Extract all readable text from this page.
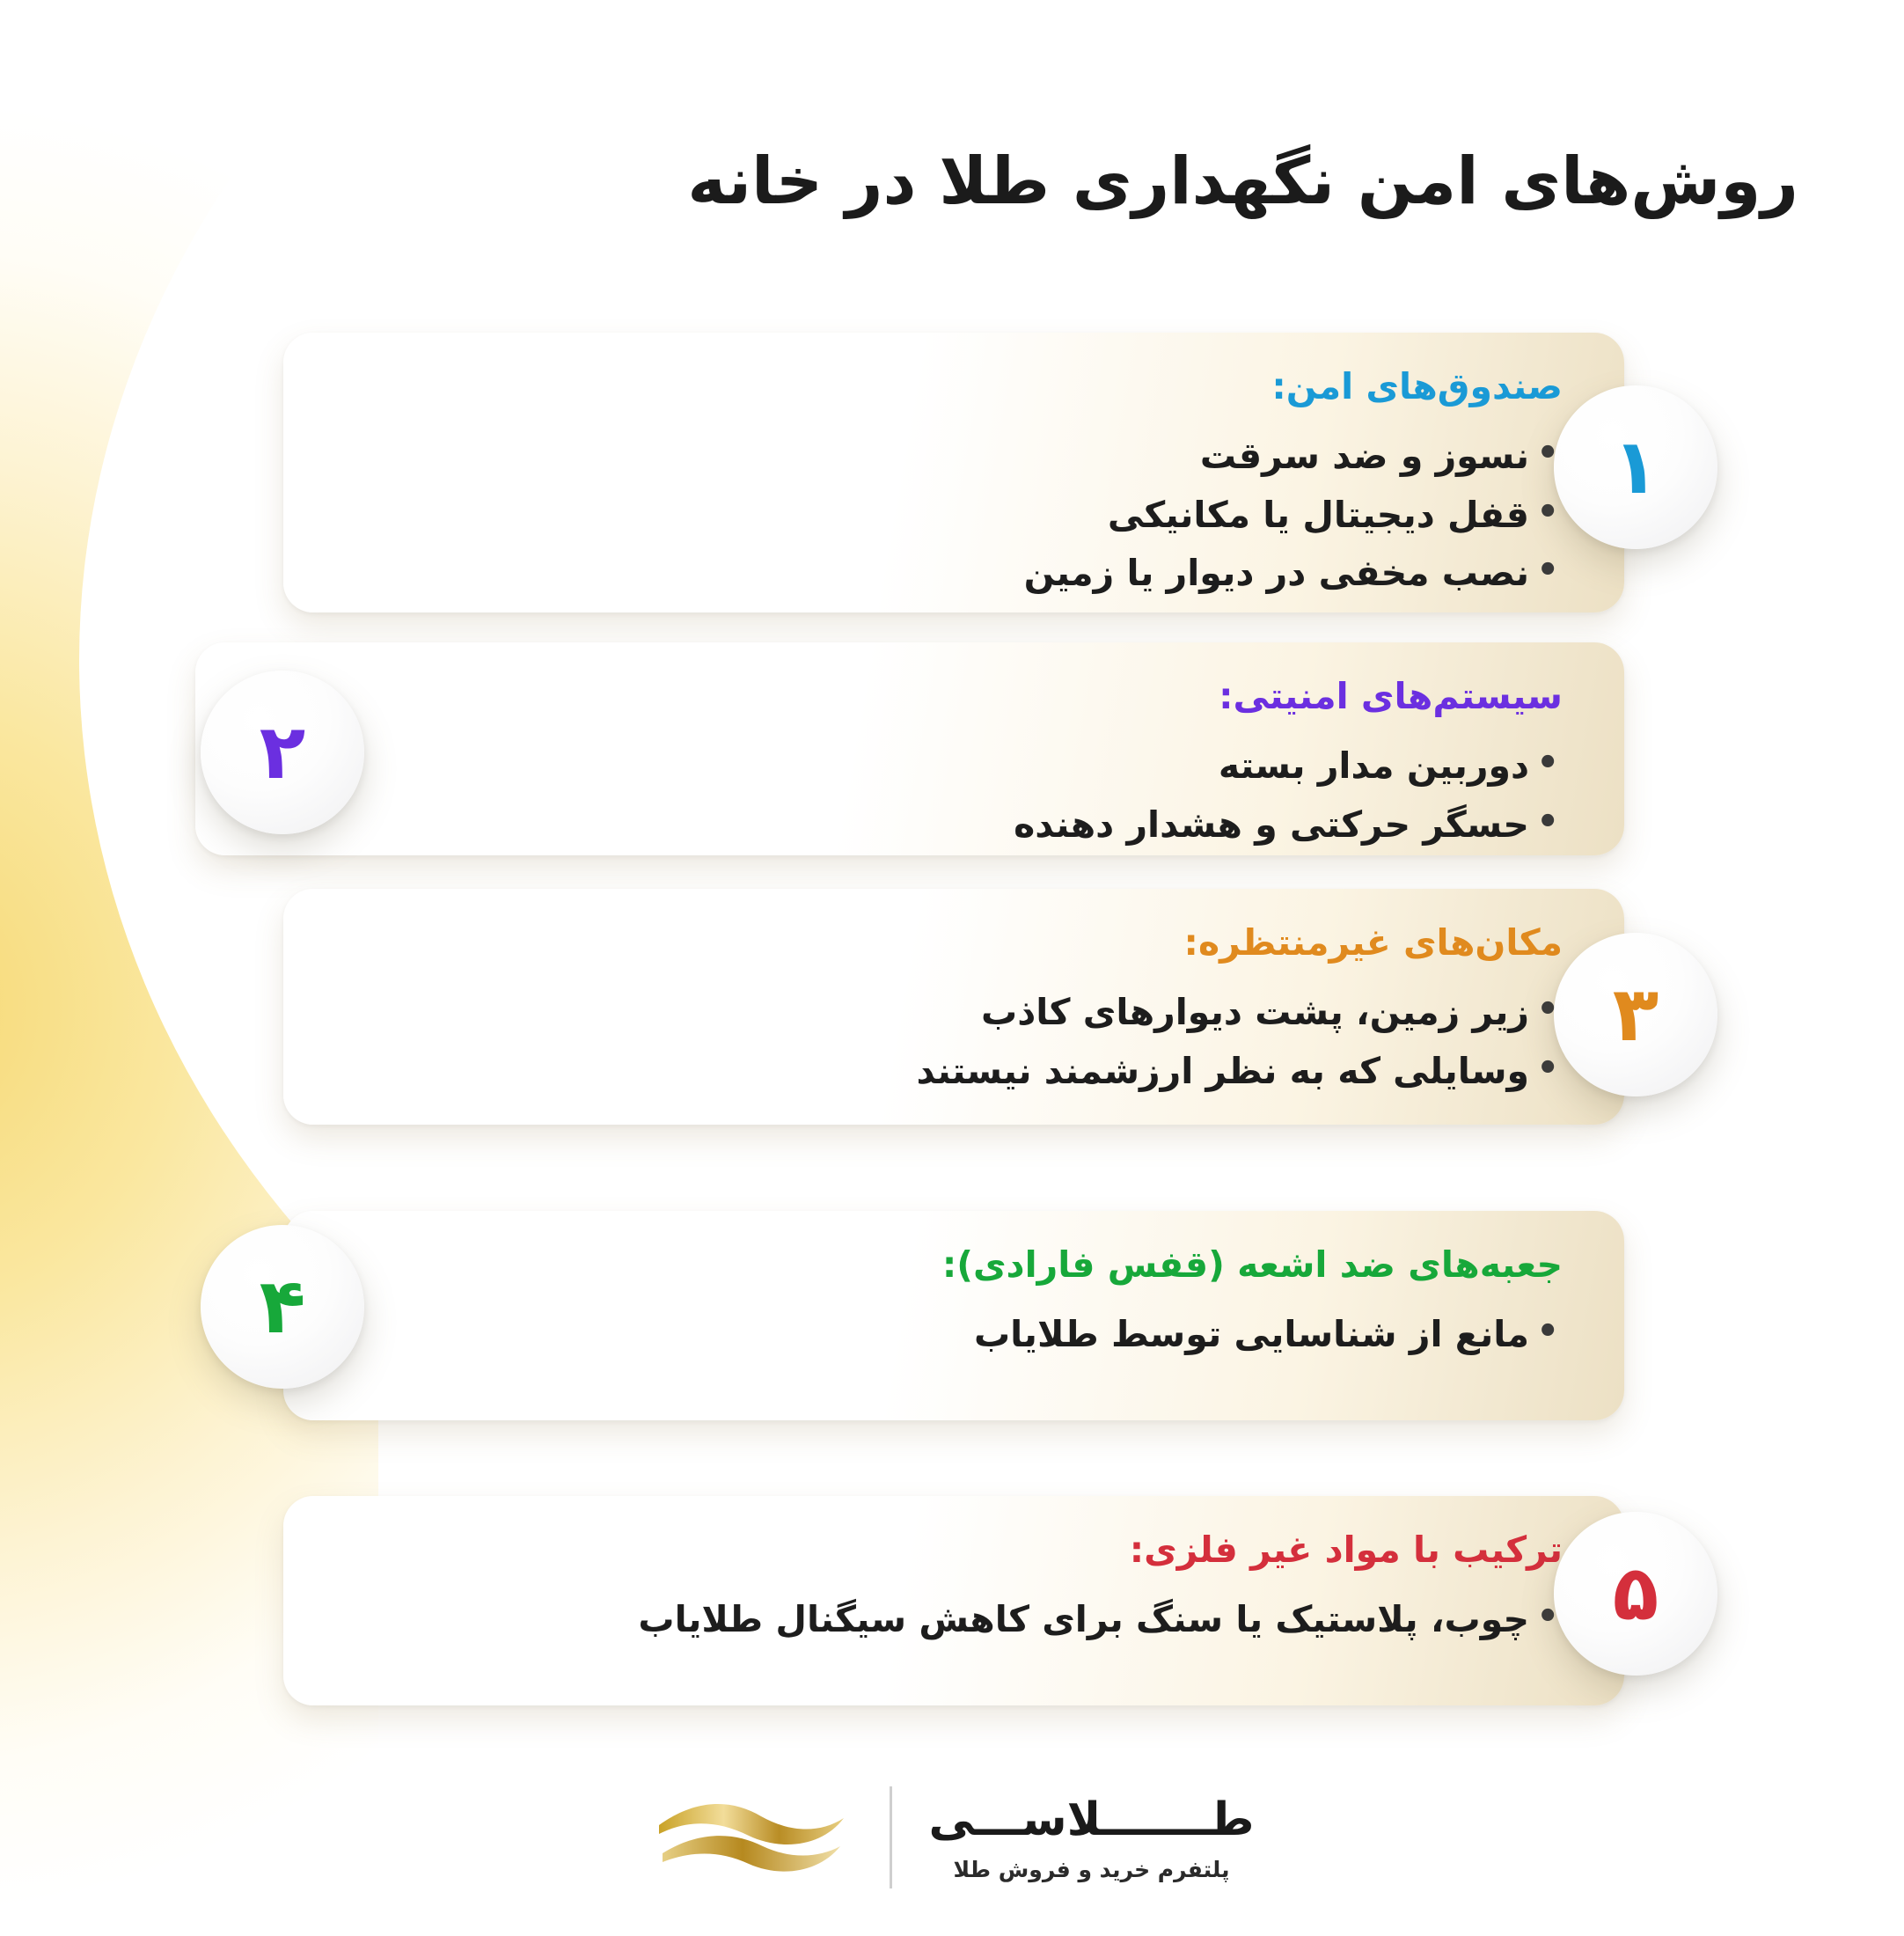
روش‌های امن نگهداری طلا در خانه
صندوق‌های امن:
• نسوز و ضد سرقت
• قفل دیجیتال یا مکانیکی
• نصب مخفی در دیوار یا زمین
۱
سیستم‌های امنیتی:
• دوربین مدار بسته
• حسگر حرکتی و هشدار دهنده
۲
مکان‌های غیرمنتظره:
• زیر زمین، پشت دیوارهای کاذب
• وسایلی که به نظر ارزشمند نیستند
۳
جعبه‌های ضد اشعه (قفس فارادی):
• مانع از شناسایی توسط طلایاب
۴
ترکیب با مواد غیر فلزی:
• چوب، پلاستیک یا سنگ برای کاهش سیگنال طلایاب	۵
طـــــــلاســـی
پلتفرم خرید و فروش طلا
